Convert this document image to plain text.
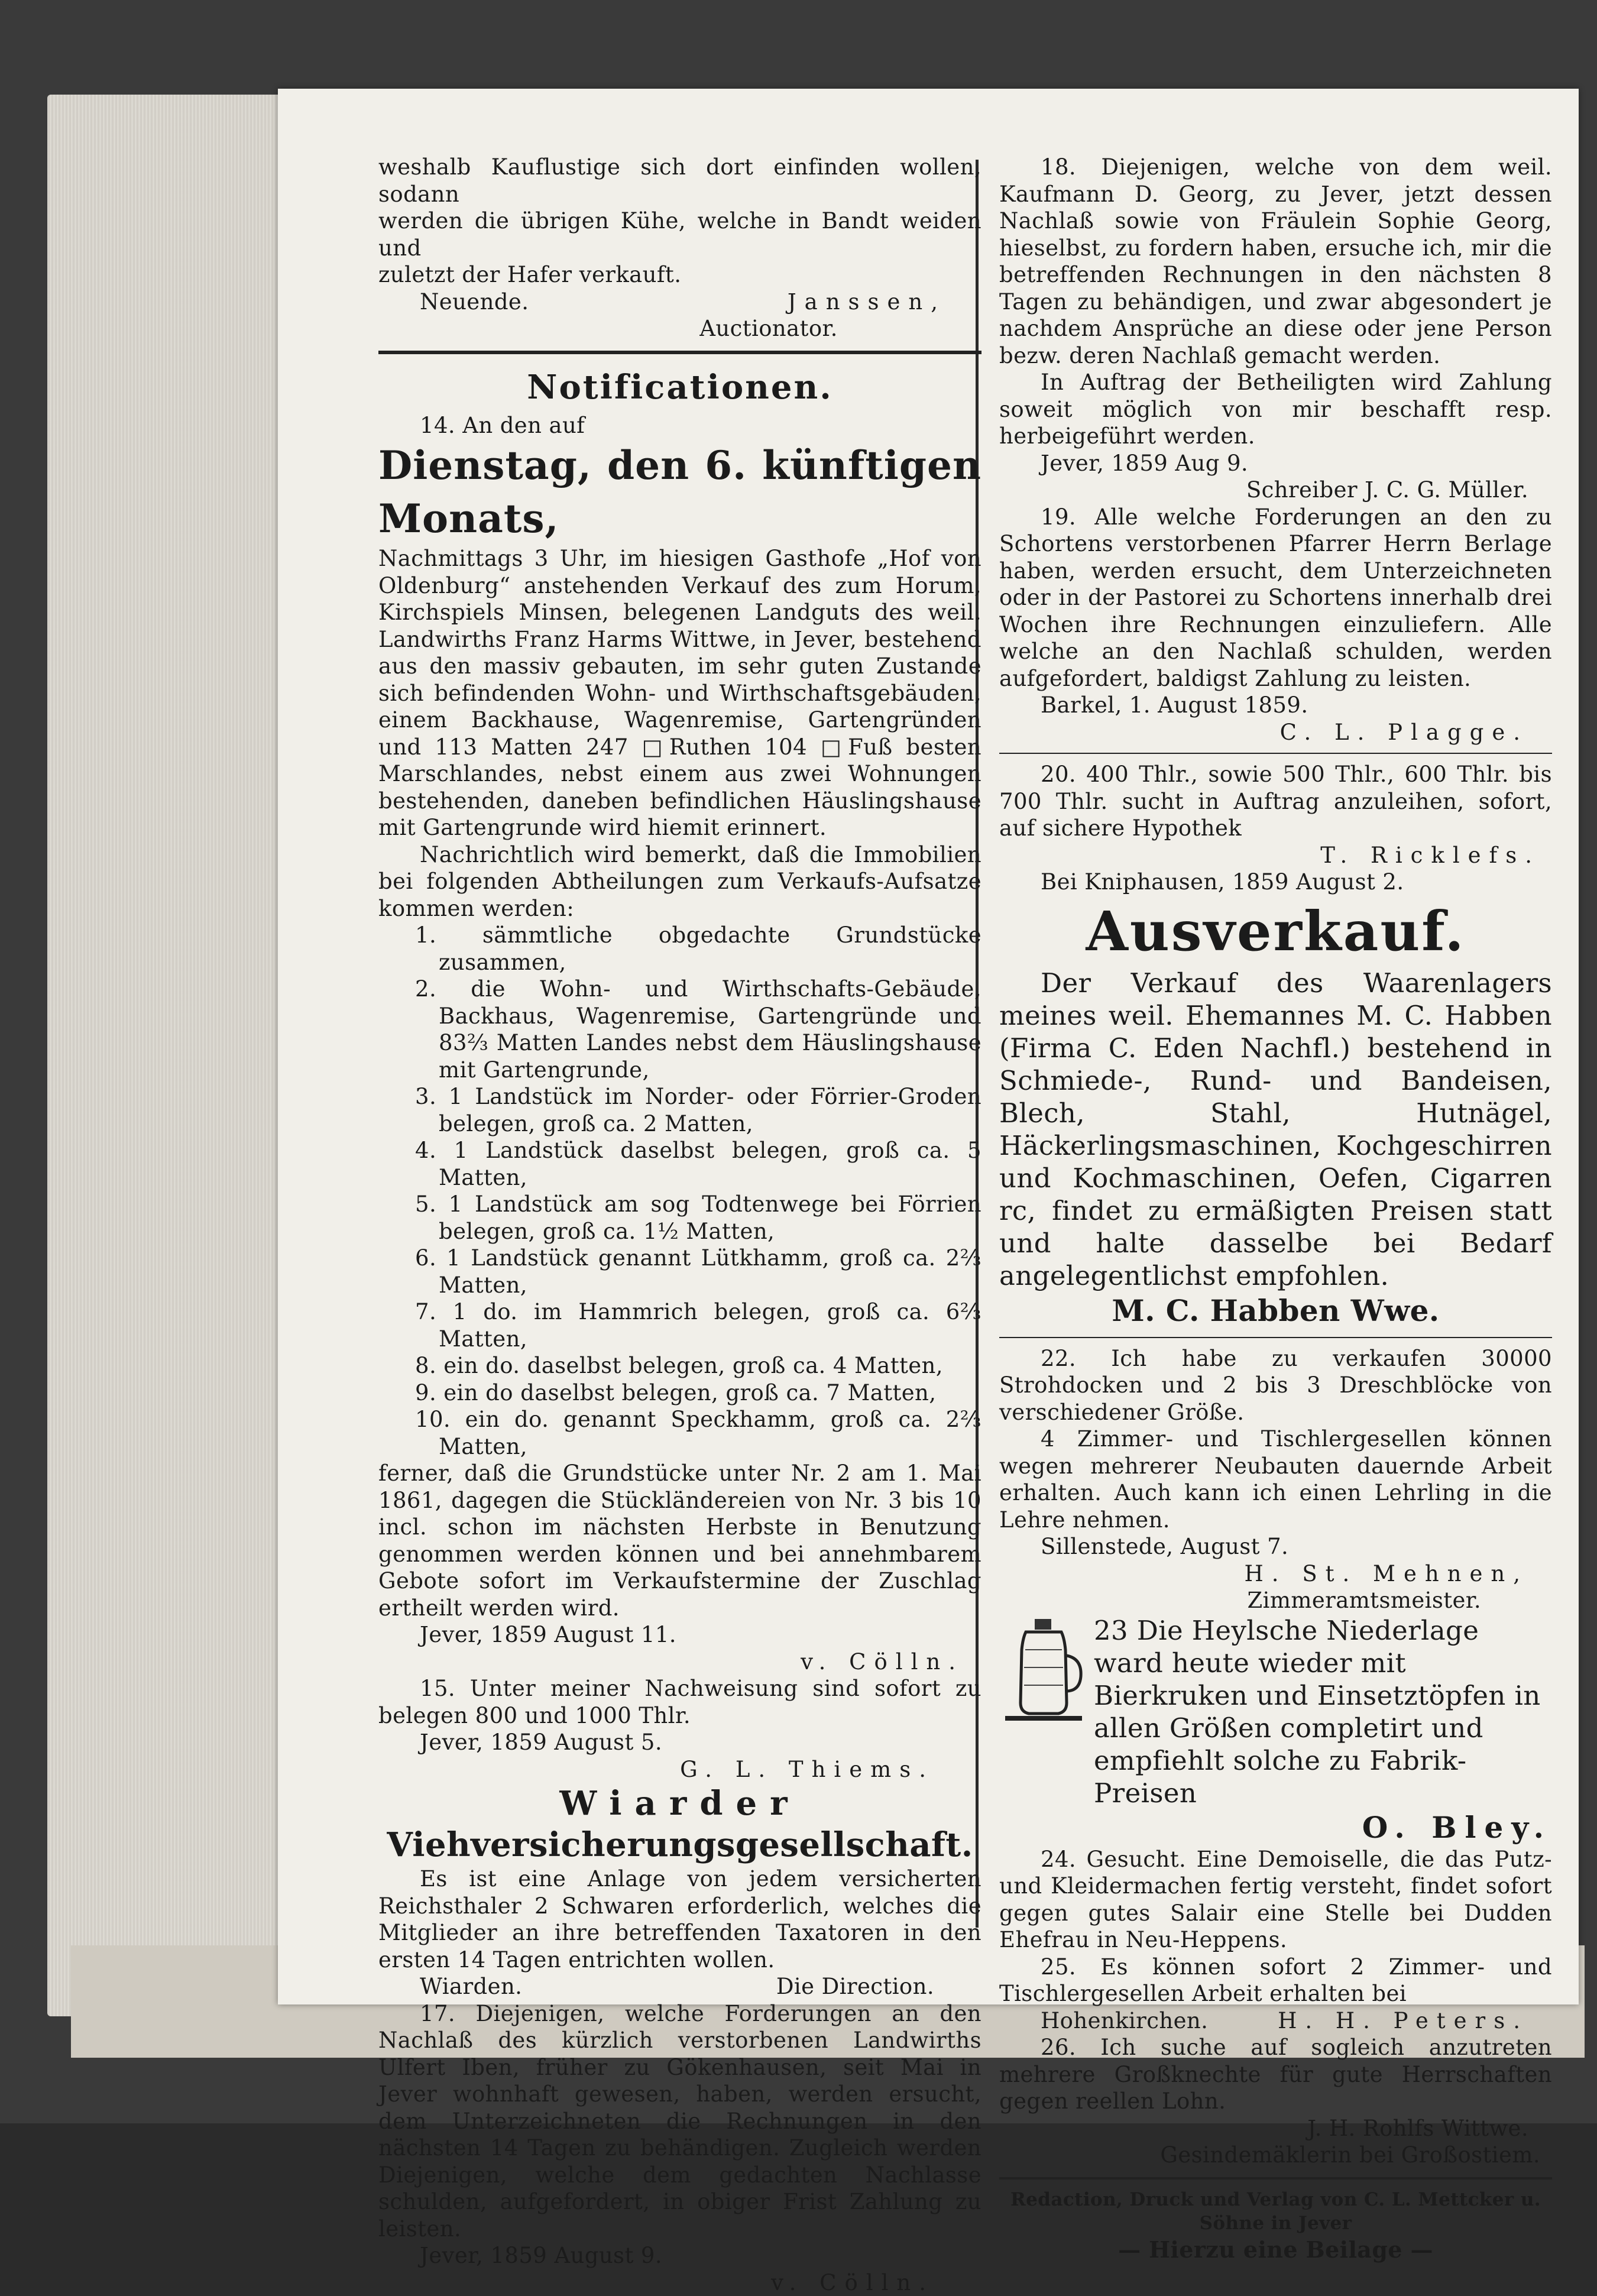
weshalb Kauflustige sich dort einfinden wollen, sodann

werden die übrigen Kühe, welche in Bandt weiden und

zuletzt der Hafer verkauft.

Neuende.	Janssen,

Auctionator.

Notificationen.

14. An den auf

Dienstag, den 6. künftigen Monats,

Nachmittags 3 Uhr, im hiesigen Gasthofe „Hof von Oldenburg“ anstehenden Verkauf des zum Horum, Kirchspiels Minsen, belegenen Landguts des weil. Landwirths Franz Harms Wittwe, in Jever, bestehend aus den massiv gebauten, im sehr guten Zustande sich befindenden Wohn- und Wirthschaftsgebäuden, einem Backhause, Wagenremise, Gartengründen und 113 Matten 247 □Ruthen 104 □Fuß besten Marschlandes, nebst einem aus zwei Wohnungen bestehenden, daneben befindlichen Häuslingshause mit Gartengrunde wird hiemit erinnert.

Nachrichtlich wird bemerkt, daß die Immobilien bei folgenden Abtheilungen zum Verkaufs-Aufsatze kommen werden:

1. sämmtliche obgedachte Grundstücke zusammen,

2. die Wohn- und Wirthschafts-Gebäude, Backhaus, Wagenremise, Gartengründe und 83⅔ Matten Landes nebst dem Häuslingshause mit Gartengrunde,

3. 1 Landstück im Norder- oder Förrier-Groden belegen, groß ca. 2 Matten,

4. 1 Landstück daselbst belegen, groß ca. 5 Matten,

5. 1 Landstück am sog Todtenwege bei Förrien belegen, groß ca. 1½ Matten,

6. 1 Landstück genannt Lütkhamm, groß ca. 2⅔ Matten,

7. 1 do. im Hammrich belegen, groß ca. 6⅔ Matten,

8. ein do. daselbst belegen, groß ca. 4 Matten,

9. ein do daselbst belegen, groß ca. 7 Matten,

10. ein do. genannt Speckhamm, groß ca. 2⅔ Matten,

ferner, daß die Grundstücke unter Nr. 2 am 1. Mai 1861, dagegen die Stückländereien von Nr. 3 bis 10 incl. schon im nächsten Herbste in Benutzung genommen werden können und bei annehmbarem Gebote sofort im Verkaufstermine der Zuschlag ertheilt werden wird.

Jever, 1859 August 11.

v. Cölln.

15. Unter meiner Nachweisung sind sofort zu belegen 800 und 1000 Thlr.

Jever, 1859 August 5.

G. L. Thiems.

Wiarder
Viehversicherungsgesellschaft.

Es ist eine Anlage von jedem versicherten Reichsthaler 2 Schwaren erforderlich, welches die Mitglieder an ihre betreffenden Taxatoren in den ersten 14 Tagen entrichten wollen.

Wiarden.	Die Direction.

17. Diejenigen, welche Forderungen an den Nachlaß des kürzlich verstorbenen Landwirths Ulfert Iben, früher zu Gökenhausen, seit Mai in Jever wohnhaft gewesen, haben, werden ersucht, dem Unterzeichneten die Rechnungen in den nächsten 14 Tagen zu behändigen. Zugleich werden Diejenigen, welche dem gedachten Nachlasse schulden, aufgefordert, in obiger Frist Zahlung zu leisten.

Jever, 1859 August 9.

v. Cölln.

18. Diejenigen, welche von dem weil. Kaufmann D. Georg, zu Jever, jetzt dessen Nachlaß sowie von Fräulein Sophie Georg, hieselbst, zu fordern haben, ersuche ich, mir die betreffenden Rechnungen in den nächsten 8 Tagen zu behändigen, und zwar abgesondert je nachdem Ansprüche an diese oder jene Person bezw. deren Nachlaß gemacht werden.

In Auftrag der Betheiligten wird Zahlung soweit möglich von mir beschafft resp. herbeigeführt werden.

Jever, 1859 Aug 9.

Schreiber J. C. G. Müller.

19. Alle welche Forderungen an den zu Schortens verstorbenen Pfarrer Herrn Berlage haben, werden ersucht, dem Unterzeichneten oder in der Pastorei zu Schortens innerhalb drei Wochen ihre Rechnungen einzuliefern. Alle welche an den Nachlaß schulden, werden aufgefordert, baldigst Zahlung zu leisten.

Barkel, 1. August 1859.

C. L. Plagge.

20. 400 Thlr., sowie 500 Thlr., 600 Thlr. bis 700 Thlr. sucht in Auftrag anzuleihen, sofort, auf sichere Hypothek

T. Ricklefs.

Bei Kniphausen, 1859 August 2.

Ausverkauf.

Der Verkauf des Waarenlagers meines weil. Ehemannes M. C. Habben (Firma C. Eden Nachfl.) bestehend in Schmiede-, Rund- und Bandeisen, Blech, Stahl, Hutnägel, Häckerlingsmaschinen, Kochgeschirren und Kochmaschinen, Oefen, Cigarren rc, findet zu ermäßigten Preisen statt und halte dasselbe bei Bedarf angelegentlichst empfohlen.

M. C. Habben Wwe.

22. Ich habe zu verkaufen 30000 Strohdocken und 2 bis 3 Dreschblöcke von verschiedener Größe.

4 Zimmer- und Tischlergesellen können wegen mehrerer Neubauten dauernde Arbeit erhalten. Auch kann ich einen Lehrling in die Lehre nehmen.

Sillenstede, August 7.

H. St. Mehnen,

Zimmeramtsmeister.

23 Die Heylsche Niederlage ward heute wieder mit Bierkruken und Einsetztöpfen in allen Größen completirt und empfiehlt solche zu Fabrik-Preisen
O. Bley.

24. Gesucht. Eine Demoiselle, die das Putz- und Kleidermachen fertig versteht, findet sofort gegen gutes Salair eine Stelle bei Dudden Ehefrau in Neu-Heppens.

25. Es können sofort 2 Zimmer- und Tischlergesellen Arbeit erhalten bei

Hohenkirchen.	H. H. Peters.

26. Ich suche auf sogleich anzutreten mehrere Großknechte für gute Herrschaften gegen reellen Lohn.

J. H. Rohlfs Wittwe.

Gesindemäklerin bei Großostiem.

Redaction, Druck und Verlag von C. L. Mettcker u. Söhne in Jever

— Hierzu eine Beilage —
